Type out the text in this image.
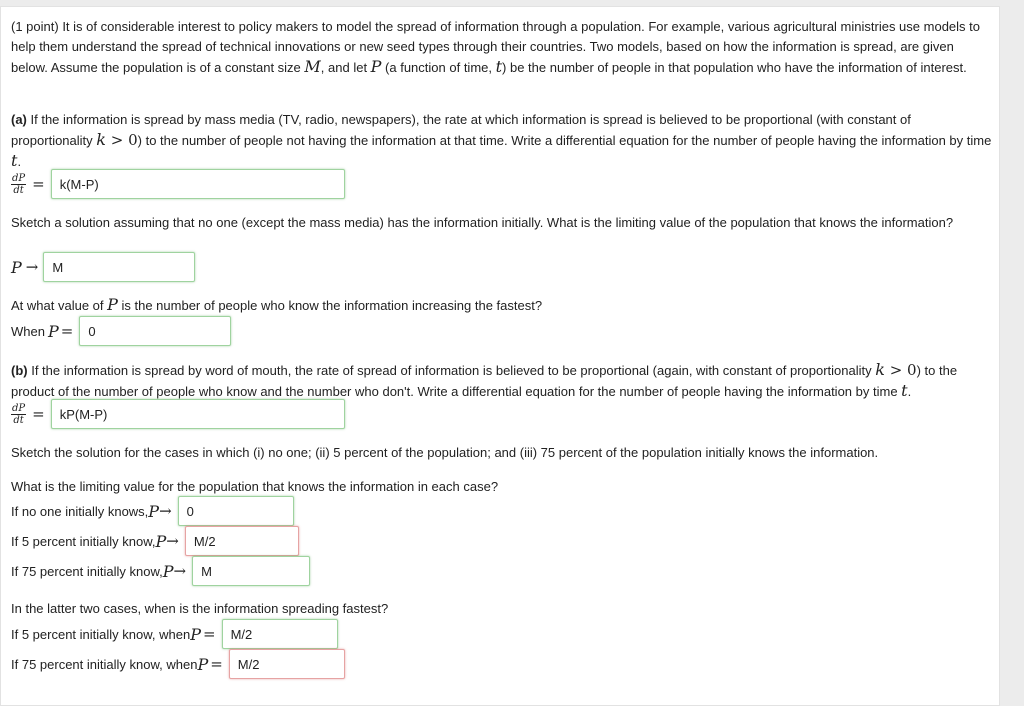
(1 point) It is of considerable interest to policy makers to model the spread of information through a population. For example, various agricultural ministries use models to help them understand the spread of technical innovations or new seed types through their countries. Two models, based on how the information is spread, are given below. Assume the population is of a constant size M, and let P (a function of time, t) be the number of people in that population who have the information of interest.
(a) If the information is spread by mass media (TV, radio, newspapers), the rate at which information is spread is believed to be proportional (with constant of proportionality k > 0) to the number of people not having the information at that time. Write a differential equation for the number of people having the information by time t.
$\frac{dP}{dt}$ =	k(M-P)
Sketch a solution assuming that no one (except the mass media) has the information initially. What is the limiting value of the population that knows the information?
P →	M
At what value of P is the number of people who know the information increasing the fastest?
When P =	0
(b) If the information is spread by word of mouth, the rate of spread of information is believed to be proportional (again, with constant of proportionality k > 0) to the product of the number of people who know and the number who don't. Write a differential equation for the number of people having the information by time t.
$\frac{dP}{dt}$ =	kP(M-P)
Sketch the solution for the cases in which (i) no one; (ii) 5 percent of the population; and (iii) 75 percent of the population initially knows the information.
What is the limiting value for the population that knows the information in each case?
If no one initially knows, P →	0
If 5 percent initially know, P →	M/2
If 75 percent initially know, P →	M
In the latter two cases, when is the information spreading fastest?
If 5 percent initially know, when P =	M/2
If 75 percent initially know, when P =	M/2
